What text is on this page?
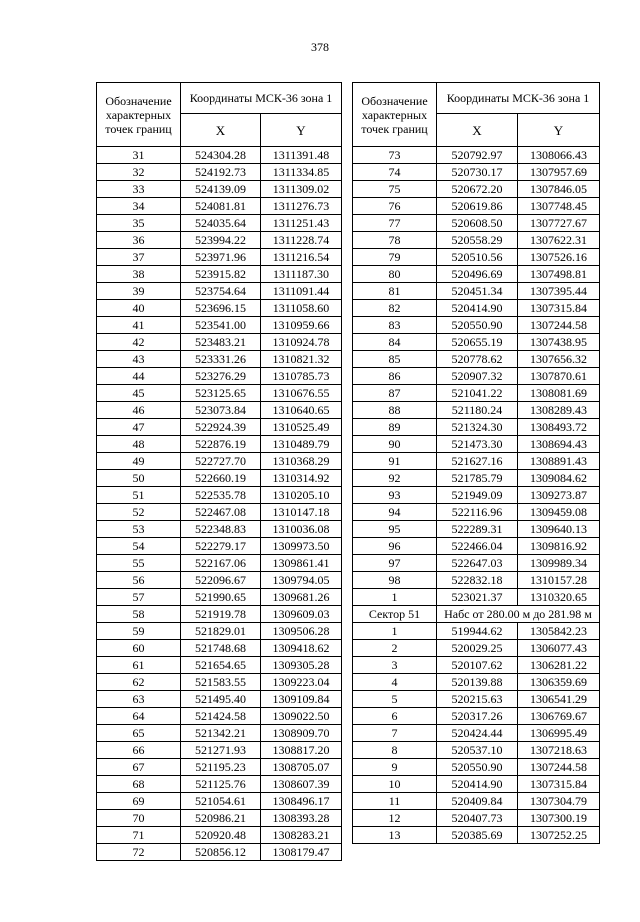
378
Обозначение характерных точек границ	Координаты МСК-36 зона 1	
	X	Y
31	524304.28	1311391.48
32	524192.73	1311334.85
33	524139.09	1311309.02
34	524081.81	1311276.73
35	524035.64	1311251.43
36	523994.22	1311228.74
37	523971.96	1311216.54
38	523915.82	1311187.30
39	523754.64	1311091.44
40	523696.15	1311058.60
41	523541.00	1310959.66
42	523483.21	1310924.78
43	523331.26	1310821.32
44	523276.29	1310785.73
45	523125.65	1310676.55
46	523073.84	1310640.65
47	522924.39	1310525.49
48	522876.19	1310489.79
49	522727.70	1310368.29
50	522660.19	1310314.92
51	522535.78	1310205.10
52	522467.08	1310147.18
53	522348.83	1310036.08
54	522279.17	1309973.50
55	522167.06	1309861.41
56	522096.67	1309794.05
57	521990.65	1309681.26
58	521919.78	1309609.03
59	521829.01	1309506.28
60	521748.68	1309418.62
61	521654.65	1309305.28
62	521583.55	1309223.04
63	521495.40	1309109.84
64	521424.58	1309022.50
65	521342.21	1308909.70
66	521271.93	1308817.20
67	521195.23	1308705.07
68	521125.76	1308607.39
69	521054.61	1308496.17
70	520986.21	1308393.28
71	520920.48	1308283.21
72	520856.12	1308179.47
Обозначение характерных точек границ	Координаты МСК-36 зона 1	
	X	Y
73	520792.97	1308066.43
74	520730.17	1307957.69
75	520672.20	1307846.05
76	520619.86	1307748.45
77	520608.50	1307727.67
78	520558.29	1307622.31
79	520510.56	1307526.16
80	520496.69	1307498.81
81	520451.34	1307395.44
82	520414.90	1307315.84
83	520550.90	1307244.58
84	520655.19	1307438.95
85	520778.62	1307656.32
86	520907.32	1307870.61
87	521041.22	1308081.69
88	521180.24	1308289.43
89	521324.30	1308493.72
90	521473.30	1308694.43
91	521627.16	1308891.43
92	521785.79	1309084.62
93	521949.09	1309273.87
94	522116.96	1309459.08
95	522289.31	1309640.13
96	522466.04	1309816.92
97	522647.03	1309989.34
98	522832.18	1310157.28
1	523021.37	1310320.65
Сектор 51	Набс от 280.00 м до 281.98 м	

1	519944.62	1305842.23
2	520029.25	1306077.43
3	520107.62	1306281.22
4	520139.88	1306359.69
5	520215.63	1306541.29
6	520317.26	1306769.67
7	520424.44	1306995.49
8	520537.10	1307218.63
9	520550.90	1307244.58
10	520414.90	1307315.84
11	520409.84	1307304.79
12	520407.73	1307300.19
13	520385.69	1307252.25
